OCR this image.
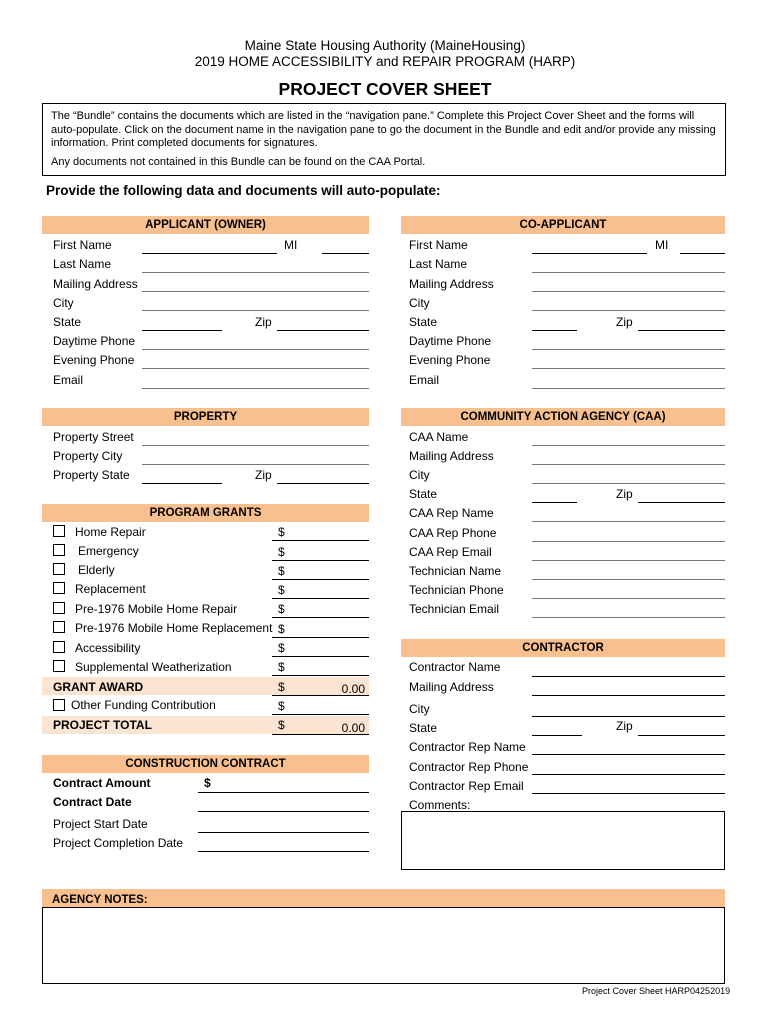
Maine State Housing Authority (MaineHousing)
2019 HOME ACCESSIBILITY and REPAIR PROGRAM (HARP)
PROJECT COVER SHEET

The “Bundle” contains the documents which are listed in the “navigation pane.” Complete this Project Cover Sheet and the forms will auto-populate. Click on the document name in the navigation pane to go the document in the Bundle and edit and/or provide any missing information. Print completed documents for signatures.

Any documents not contained in this Bundle can be found on the CAA Portal.

Provide the following data and documents will auto-populate:
APPLICANT (OWNER)
First Name	MI
Last Name
Mailing Address
City
State	Zip
Daytime Phone
Evening Phone
Email
CO-APPLICANT
First Name	MI
Last Name
Mailing Address
City
State	Zip
Daytime Phone
Evening Phone
Email
PROPERTY
Property Street
Property City
Property State	Zip
COMMUNITY ACTION AGENCY (CAA)
CAA Name
Mailing Address
City
State	Zip
CAA Rep Name
CAA Rep Phone
CAA Rep Email
Technician Name
Technician Phone
Technician Email
PROGRAM GRANTS
Home Repair	$
Emergency	$
Elderly	$
Replacement	$
Pre-1976 Mobile Home Repair	$
Pre-1976 Mobile Home Replacement $
Accessibility	$
Supplemental Weatherization	$
GRANT AWARD	$	0.00
Other Funding Contribution	$
PROJECT TOTAL	$	0.00
CONTRACTOR
Contractor Name
Mailing Address
City
State	Zip
Contractor Rep Name
Contractor Rep Phone
Contractor Rep Email
Comments:
CONSTRUCTION CONTRACT
Contract Amount	$
Contract Date
Project Start Date
Project Completion Date
AGENCY NOTES:
Project Cover Sheet HARP04252019
